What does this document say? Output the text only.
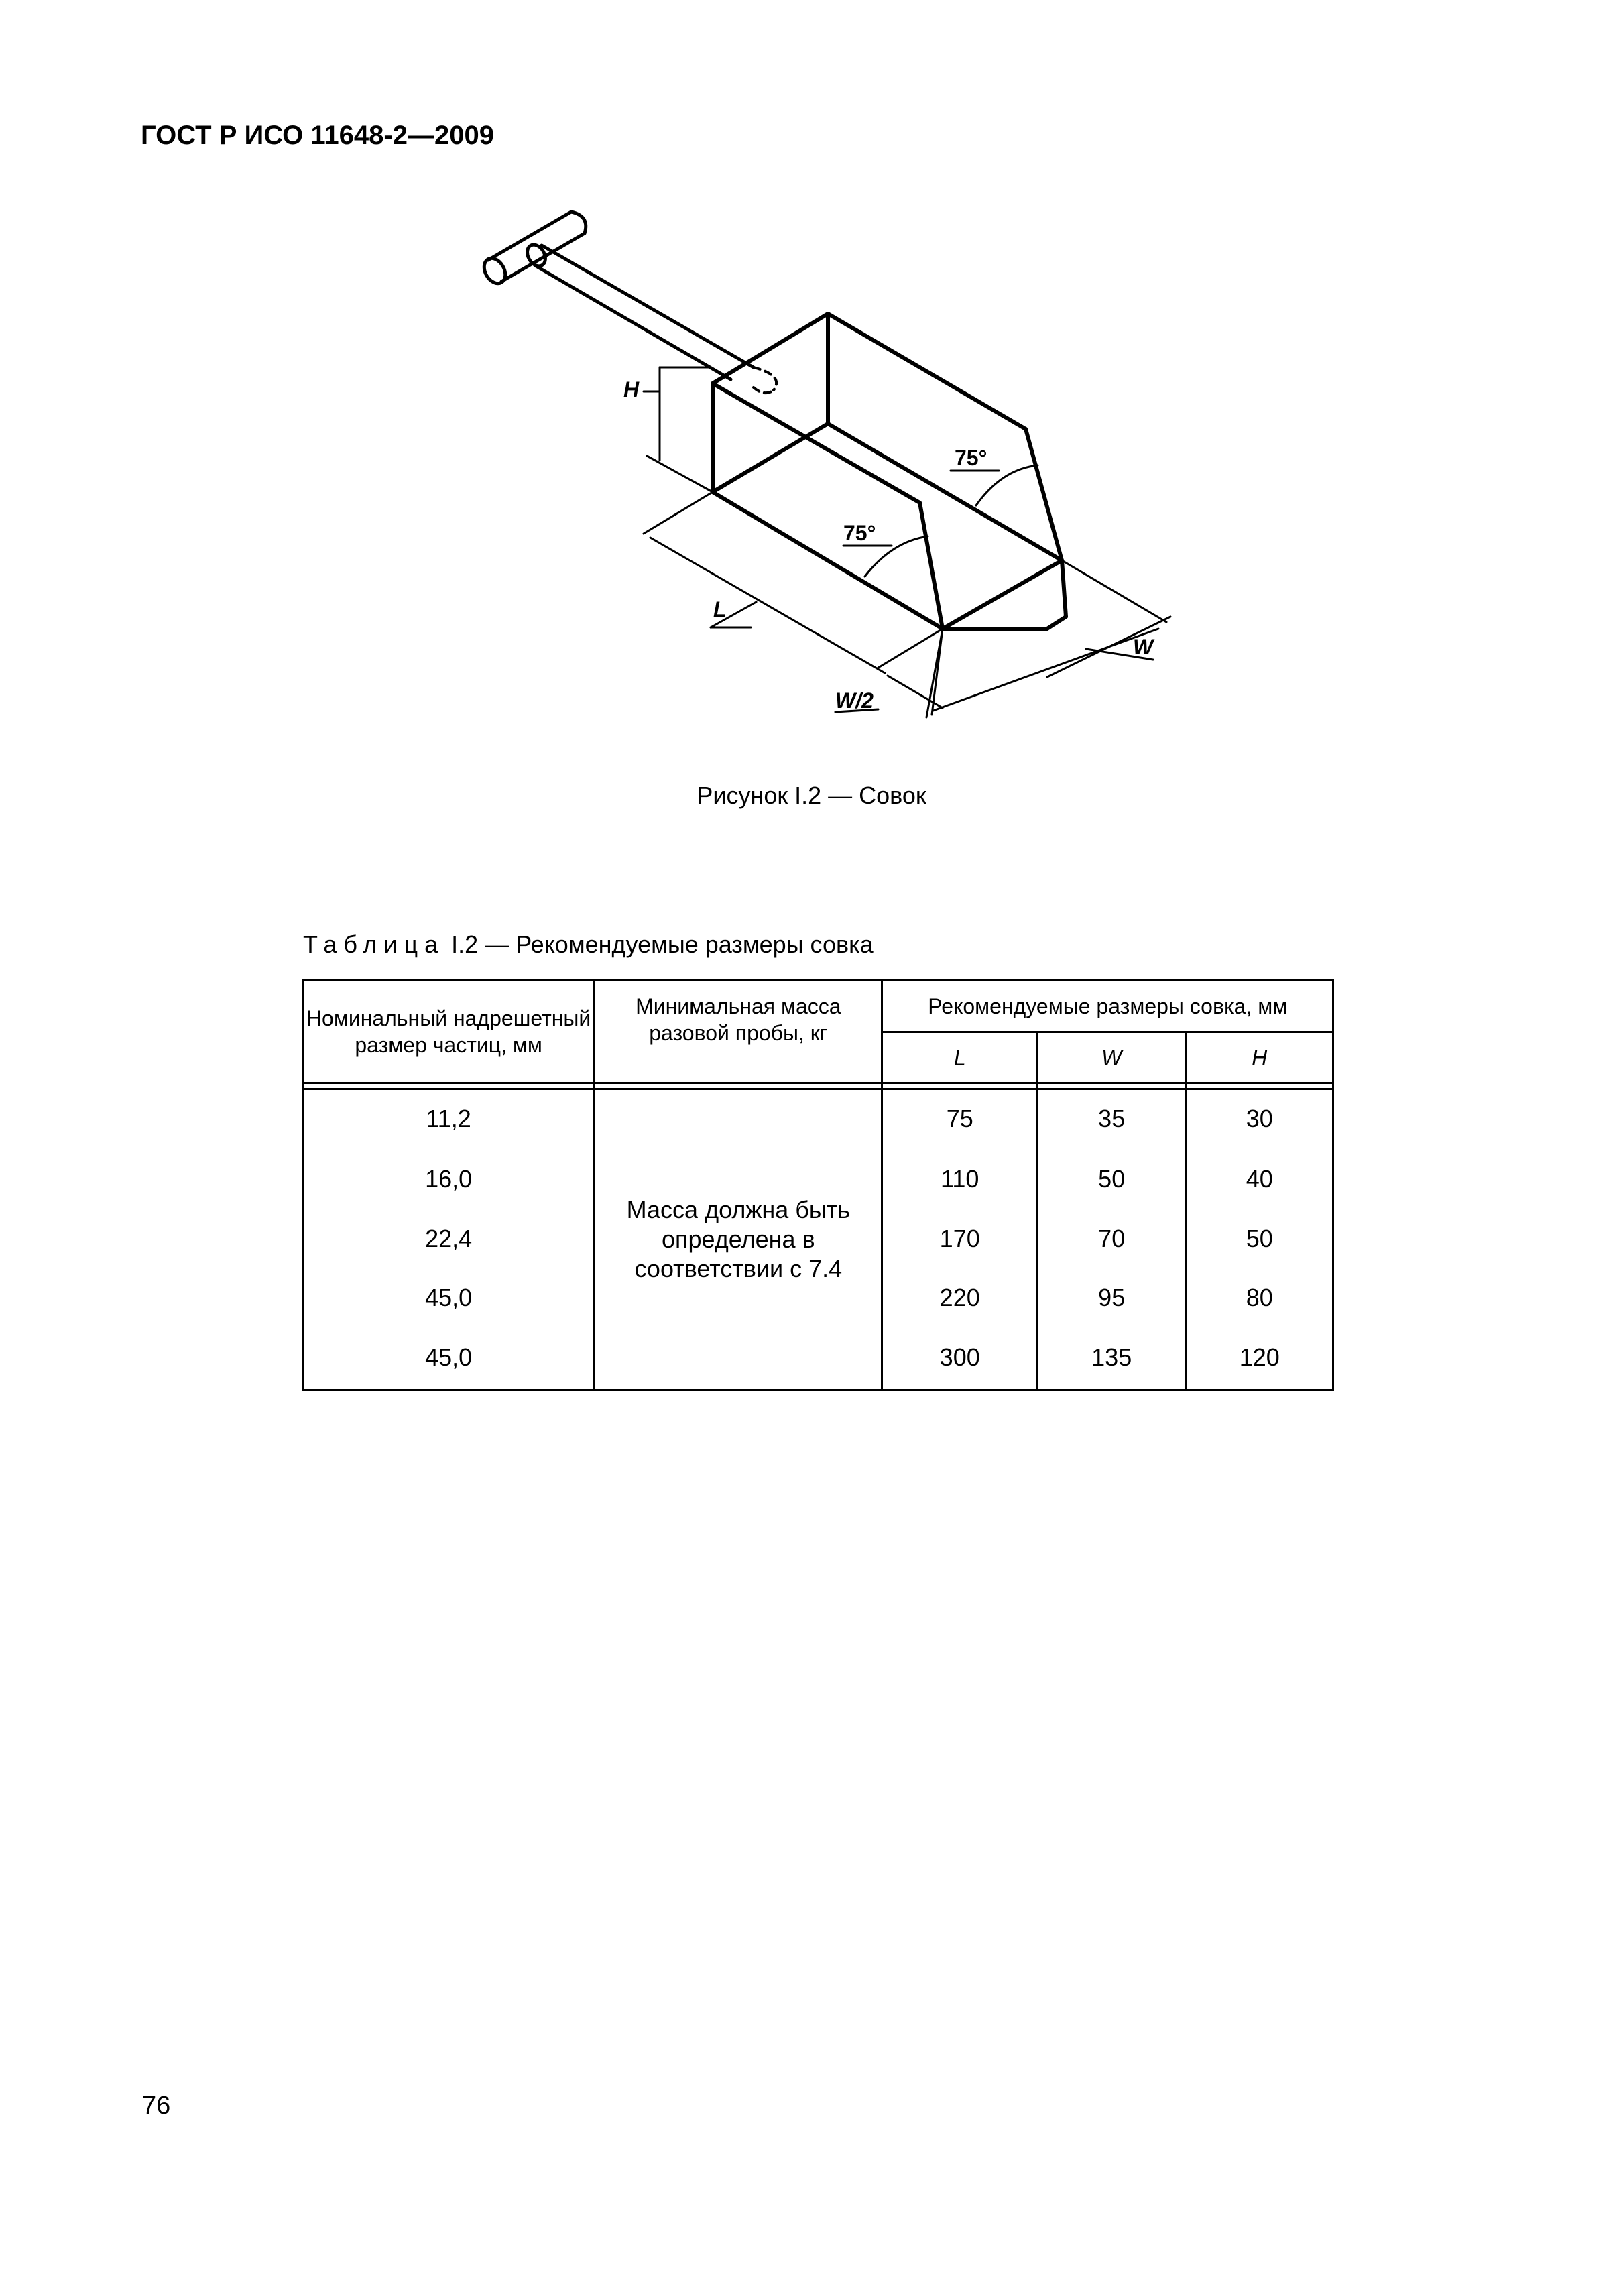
ГОСТ Р ИСО 11648-2—2009
H
L
W
W/2
75°
75°
Рисунок I.2 — Совок
Таблица I.2 — Рекомендуемые размеры совка
Номинальный надрешетный размер частиц, мм	Минимальная масса разовой пробы, кг	Рекомендуемые размеры совка, мм		
		L	W	H

11,2	Масса должна быть определена в соответствии с 7.4	75	35	30
16,0		110	50	40
22,4		170	70	50
45,0		220	95	80
45,0		300	135	120
76
